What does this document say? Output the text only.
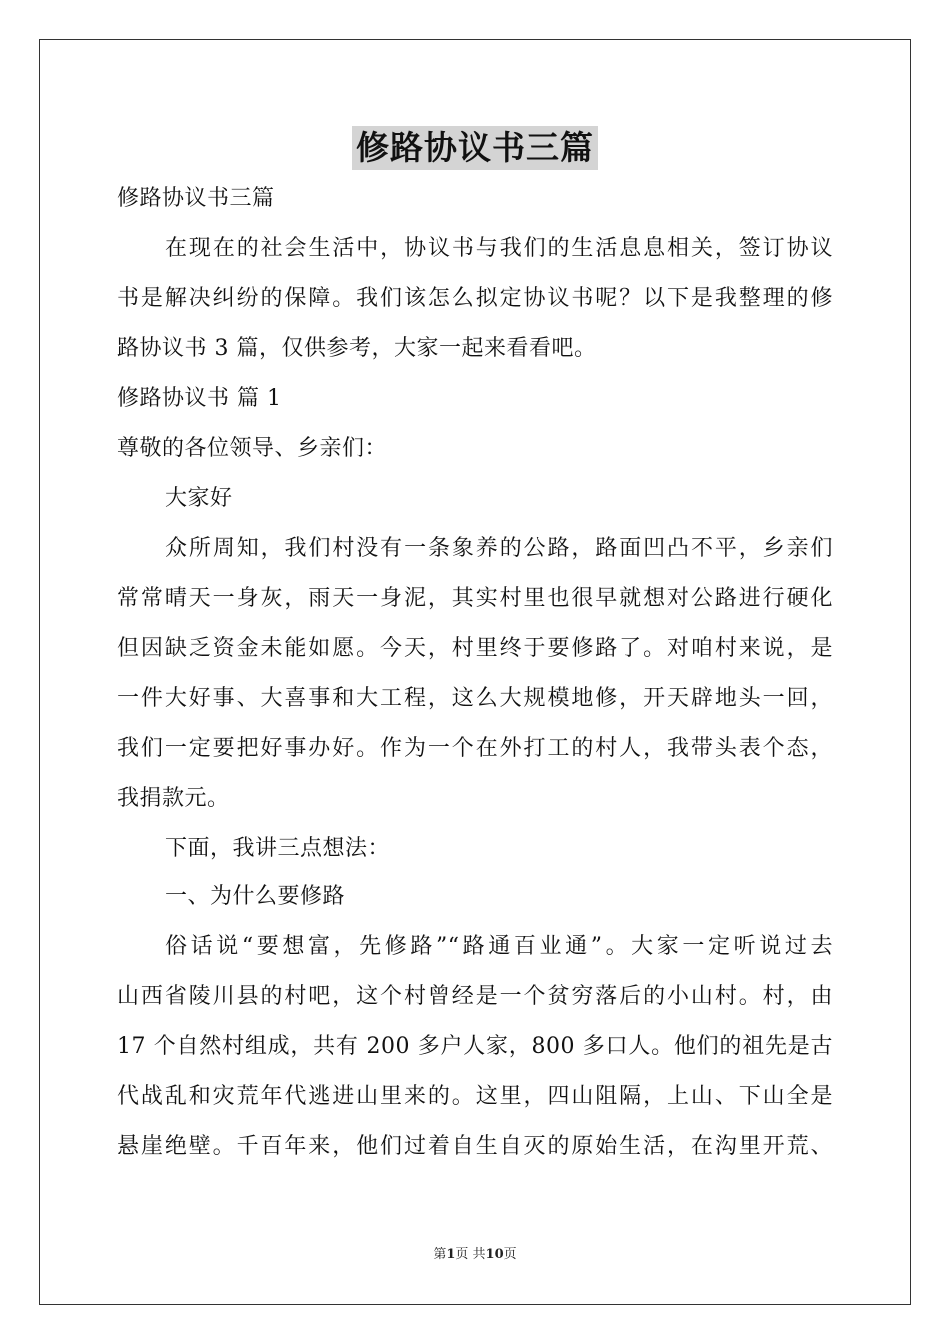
修路协议书三篇
修路协议书三篇
在现在的社会生活中，协议书与我们的生活息息相关，签订协议
书是解决纠纷的保障。我们该怎么拟定协议书呢？以下是我整理的修
路协议书 3 篇，仅供参考，大家一起来看看吧。
修路协议书 篇 1
尊敬的各位领导、乡亲们：
大家好
众所周知，我们村没有一条象养的公路，路面凹凸不平，乡亲们
常常晴天一身灰，雨天一身泥，其实村里也很早就想对公路进行硬化
但因缺乏资金未能如愿。今天，村里终于要修路了。对咱村来说，是
一件大好事、大喜事和大工程，这么大规模地修，开天辟地头一回，
我们一定要把好事办好。作为一个在外打工的村人，我带头表个态，
我捐款元。
下面，我讲三点想法：
一、为什么要修路
俗话说“要想富，先修路”“路通百业通”。大家一定听说过去
山西省陵川县的村吧，这个村曾经是一个贫穷落后的小山村。村，由
17 个自然村组成，共有 200 多户人家，800 多口人。他们的祖先是古
代战乱和灾荒年代逃进山里来的。这里，四山阻隔，上山、下山全是
悬崖绝壁。千百年来，他们过着自生自灭的原始生活，在沟里开荒、
第1页 共10页
